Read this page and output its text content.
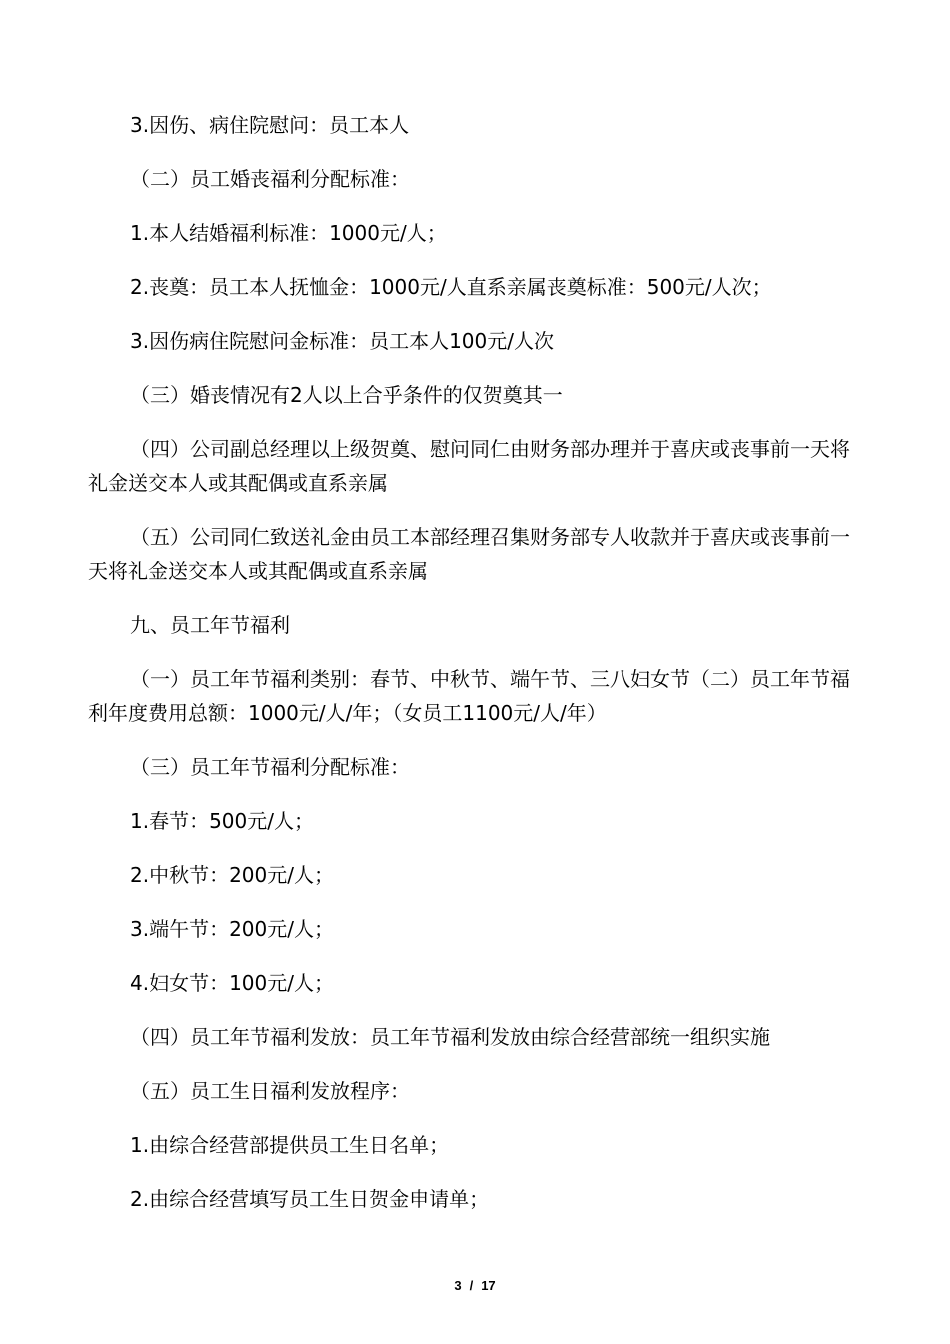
3.因伤、病住院慰问：员工本人

（二）员工婚丧福利分配标准：

1.本人结婚福利标准：1000元/人；

2.丧奠：员工本人抚恤金：1000元/人直系亲属丧奠标准：500元/人次；

3.因伤病住院慰问金标准：员工本人100元/人次

（三）婚丧情况有2人以上合乎条件的仅贺奠其一

（四）公司副总经理以上级贺奠、慰问同仁由财务部办理并于喜庆或丧事前一天将礼金送交本人或其配偶或直系亲属

（五）公司同仁致送礼金由员工本部经理召集财务部专人收款并于喜庆或丧事前一天将礼金送交本人或其配偶或直系亲属

九、员工年节福利

（一）员工年节福利类别：春节、中秋节、端午节、三八妇女节（二）员工年节福利年度费用总额：1000元/人/年；（女员工1100元/人/年）

（三）员工年节福利分配标准：

1.春节：500元/人；

2.中秋节：200元/人；

3.端午节：200元/人；

4.妇女节：100元/人；

（四）员工年节福利发放：员工年节福利发放由综合经营部统一组织实施

（五）员工生日福利发放程序：

1.由综合经营部提供员工生日名单；

2.由综合经营填写员工生日贺金申请单；

3 / 17
